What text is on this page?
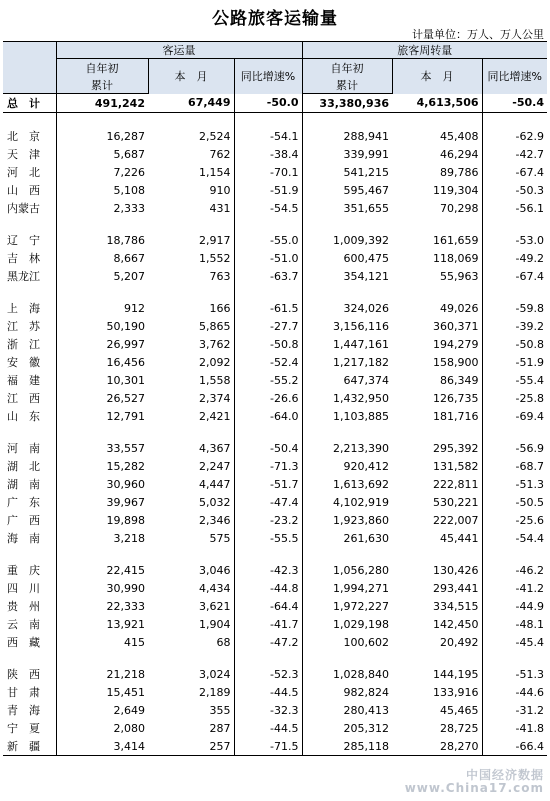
公路旅客运输量
计量单位：万人、万人公里
	客运量			旅客周转量		
	自年初	本　月	同比增速%	自年初	本　月	同比增速%
	累计			累计		
总　计	491,242	67,449	-50.0	33,380,936	4,613,506	-50.4

北京	16,287	2,524	-54.1	288,941	45,408	-62.9
天津	5,687	762	-38.4	339,991	46,294	-42.7
河北	7,226	1,154	-70.1	541,215	89,786	-67.4
山西	5,108	910	-51.9	595,467	119,304	-50.3
内蒙古	2,333	431	-54.5	351,655	70,298	-56.1

辽宁	18,786	2,917	-55.0	1,009,392	161,659	-53.0
吉林	8,667	1,552	-51.0	600,475	118,069	-49.2
黑龙江	5,207	763	-63.7	354,121	55,963	-67.4

上海	912	166	-61.5	324,026	49,026	-59.8
江苏	50,190	5,865	-27.7	3,156,116	360,371	-39.2
浙江	26,997	3,762	-50.8	1,447,161	194,279	-50.8
安徽	16,456	2,092	-52.4	1,217,182	158,900	-51.9
福建	10,301	1,558	-55.2	647,374	86,349	-55.4
江西	26,527	2,374	-26.6	1,432,950	126,735	-25.8
山东	12,791	2,421	-64.0	1,103,885	181,716	-69.4

河南	33,557	4,367	-50.4	2,213,390	295,392	-56.9
湖北	15,282	2,247	-71.3	920,412	131,582	-68.7
湖南	30,960	4,447	-51.7	1,613,692	222,811	-51.3
广东	39,967	5,032	-47.4	4,102,919	530,221	-50.5
广西	19,898	2,346	-23.2	1,923,860	222,007	-25.6
海南	3,218	575	-55.5	261,630	45,441	-54.4

重庆	22,415	3,046	-42.3	1,056,280	130,426	-46.2
四川	30,990	4,434	-44.8	1,994,271	293,441	-41.2
贵州	22,333	3,621	-64.4	1,972,227	334,515	-44.9
云南	13,921	1,904	-41.7	1,029,198	142,450	-48.1
西藏	415	68	-47.2	100,602	20,492	-45.4

陕西	21,218	3,024	-52.3	1,028,840	144,195	-51.3
甘肃	15,451	2,189	-44.5	982,824	133,916	-44.6
青海	2,649	355	-32.3	280,413	45,465	-31.2
宁夏	2,080	287	-44.5	205,312	28,725	-41.8
新疆	3,414	257	-71.5	285,118	28,270	-66.4
中国经济数据
www.China17.com
